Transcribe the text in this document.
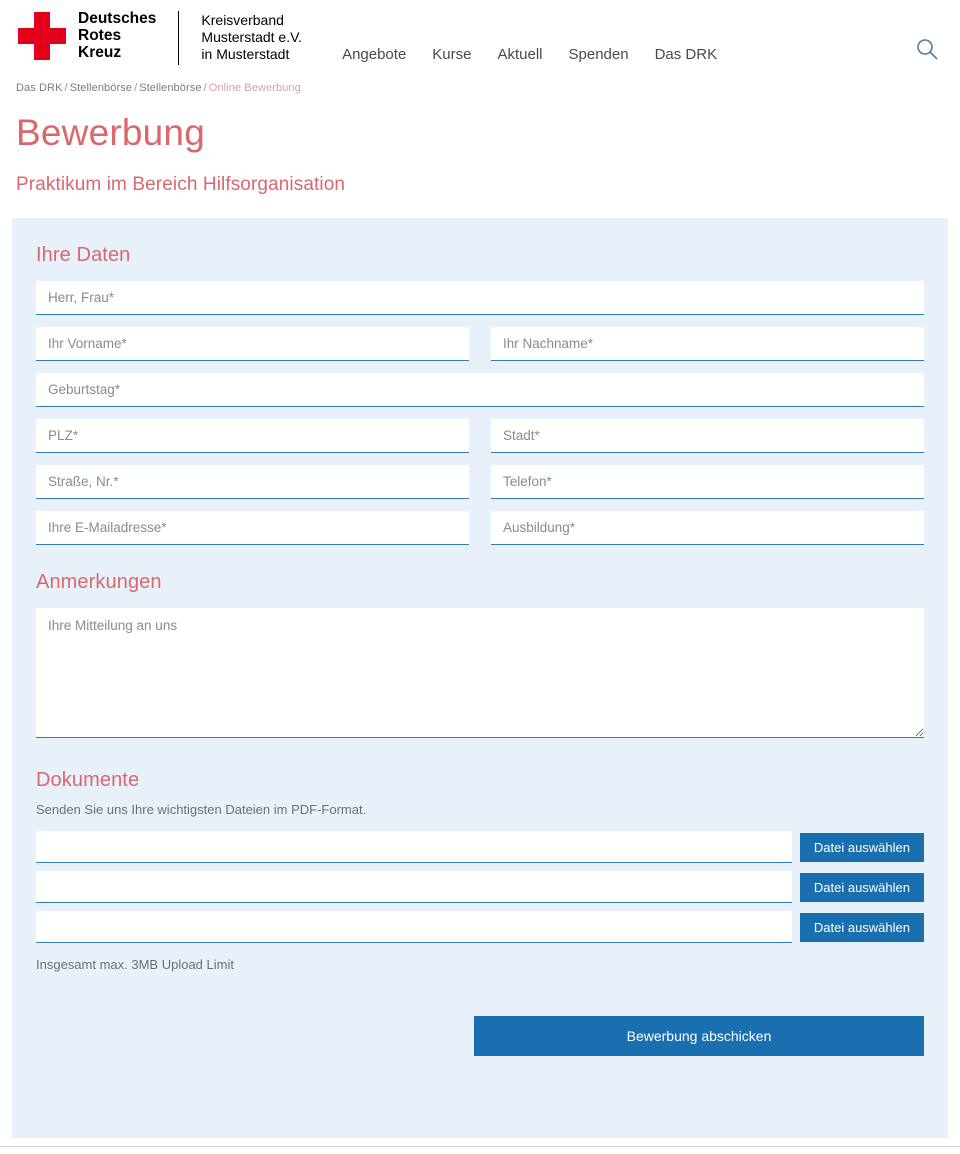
Deutsches
Rotes
Kreuz
Kreisverband
Musterstadt e.V.
in Musterstadt	Angebote Kurse Aktuell Spenden Das DRK
Das DRK / Stellenbörse / Stellenbörse / Online Bewerbung
Bewerbung
Praktikum im Bereich Hilfsorganisation
Ihre Daten
Herr, Frau*
Ihr Vorname*
Ihr Nachname*
Geburtstag*
PLZ*
Stadt*
Straße, Nr.*
Telefon*
Ihre E-Mailadresse*
Ausbildung*
Anmerkungen
Ihre Mitteilung an uns
Dokumente
Senden Sie uns Ihre wichtigsten Dateien im PDF-Format.
Datei auswählen
Datei auswählen
Datei auswählen
Insgesamt max. 3MB Upload Limit
Bewerbung abschicken
